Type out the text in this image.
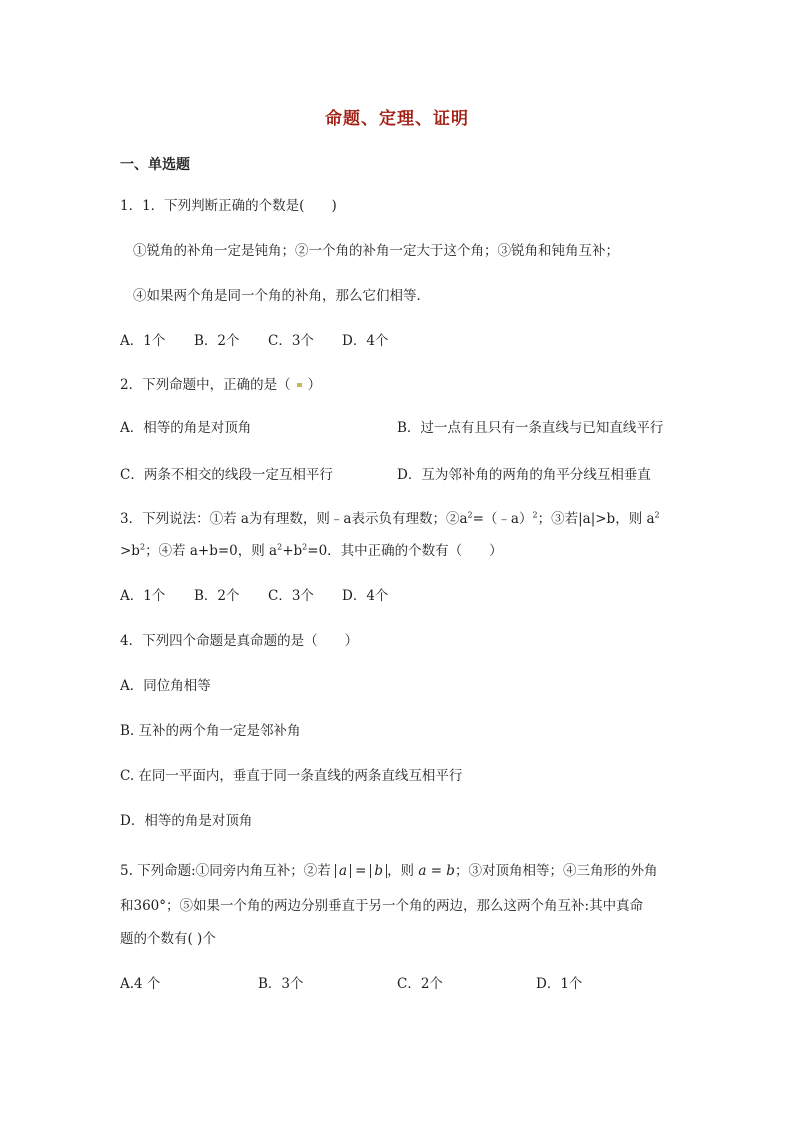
命题、定理、证明
一、单选题
1．1．下列判断正确的个数是(　　)
①锐角的补角一定是钝角；②一个角的补角一定大于这个角；③锐角和钝角互补；
④如果两个角是同一个角的补角，那么它们相等．
A．1个	B．2个	C．3个	D．4个
2．下列命题中，正确的是（ ）
A．相等的角是对顶角	B．过一点有且只有一条直线与已知直线平行
C．两条不相交的线段一定互相平行	D．互为邻补角的两角的角平分线互相垂直
3．下列说法：①若 a为有理数，则﹣a表示负有理数；$②a^2=(﹣a)^2$；③若|a|>b，则 $a^2$
$>b^2$；④若 a+b=0，则 $a^2+b^2=0$．其中正确的个数有（　　）
A．1个	B．2个	C．3个	D．4个
4．下列四个命题是真命题的是（　　）
A．同位角相等
B. 互补的两个角一定是邻补角
C. 在同一平面内，垂直于同一条直线的两条直线互相平行
D．相等的角是对顶角
5. 下列命题:①同旁内角互补；②若 a = b ，则 a = b；③对顶角相等；④三角形的外角
和360°；⑤如果一个角的两边分别垂直于另一个角的两边，那么这两个角互补:其中真命
题的个数有( )个
A.4 个	B．3个	C．2个	D．1个
